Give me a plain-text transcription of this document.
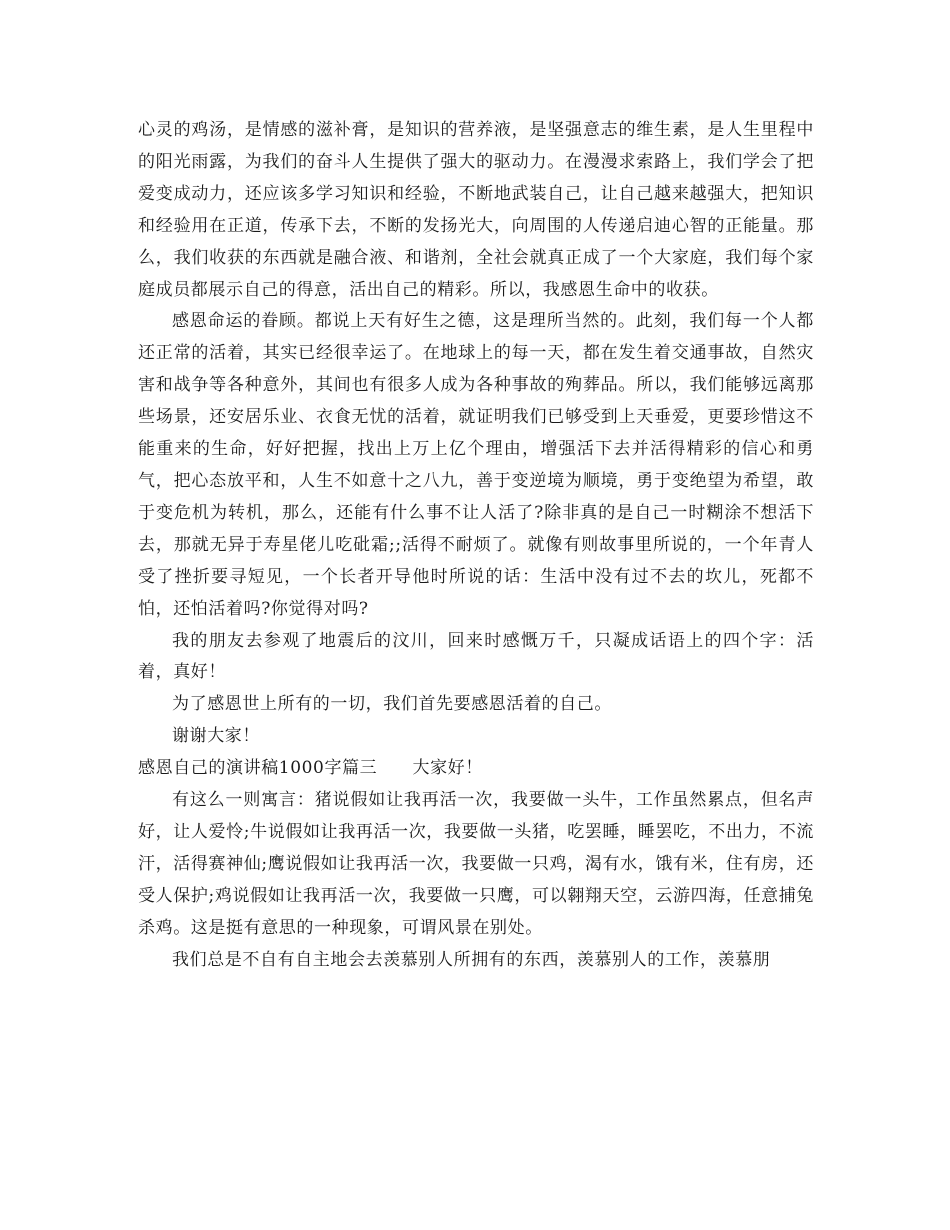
心灵的鸡汤，是情感的滋补膏，是知识的营养液，是坚强意志的维生素，是人生里程中的阳光雨露，为我们的奋斗人生提供了强大的驱动力。在漫漫求索路上，我们学会了把爱变成动力，还应该多学习知识和经验，不断地武装自己，让自己越来越强大，把知识和经验用在正道，传承下去，不断的发扬光大，向周围的人传递启迪心智的正能量。那么，我们收获的东西就是融合液、和谐剂，全社会就真正成了一个大家庭，我们每个家庭成员都展示自己的得意，活出自己的精彩。所以，我感恩生命中的收获。

感恩命运的眷顾。都说上天有好生之德，这是理所当然的。此刻，我们每一个人都还正常的活着，其实已经很幸运了。在地球上的每一天，都在发生着交通事故，自然灾害和战争等各种意外，其间也有很多人成为各种事故的殉葬品。所以，我们能够远离那些场景，还安居乐业、衣食无忧的活着，就证明我们已够受到上天垂爱，更要珍惜这不能重来的生命，好好把握，找出上万上亿个理由，增强活下去并活得精彩的信心和勇气，把心态放平和，人生不如意十之八九，善于变逆境为顺境，勇于变绝望为希望，敢于变危机为转机，那么，还能有什么事不让人活了?除非真的是自己一时糊涂不想活下去，那就无异于寿星佬儿吃砒霜;;活得不耐烦了。就像有则故事里所说的，一个年青人受了挫折要寻短见，一个长者开导他时所说的话：生活中没有过不去的坎儿，死都不怕，还怕活着吗?你觉得对吗?

我的朋友去参观了地震后的汶川，回来时感慨万千，只凝成话语上的四个字：活着，真好！

为了感恩世上所有的一切，我们首先要感恩活着的自己。

谢谢大家！

感恩自己的演讲稿1000字篇三　　大家好！

有这么一则寓言：猪说假如让我再活一次，我要做一头牛，工作虽然累点，但名声好，让人爱怜;牛说假如让我再活一次，我要做一头猪，吃罢睡，睡罢吃，不出力，不流汗，活得赛神仙;鹰说假如让我再活一次，我要做一只鸡，渴有水，饿有米，住有房，还受人保护;鸡说假如让我再活一次，我要做一只鹰，可以翱翔天空，云游四海，任意捕兔杀鸡。这是挺有意思的一种现象，可谓风景在别处。

我们总是不自有自主地会去羡慕别人所拥有的东西，羡慕别人的工作，羡慕朋
